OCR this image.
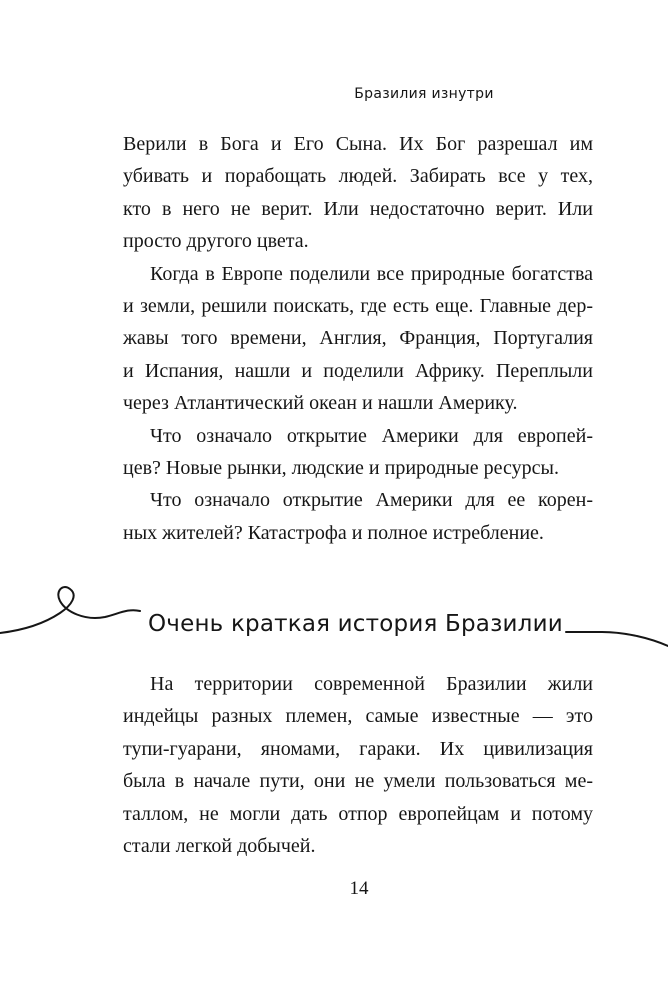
Бразилия изнутри

Верили в Бога и Его Сына. Их Бог разрешал им
убивать и порабощать людей. Забирать все у тех,
кто в него не верит. Или недостаточно верит. Или
просто другого цвета.

Когда в Европе поделили все природные богатства
и земли, решили поискать, где есть еще. Главные дер-
жавы того времени, Англия, Франция, Португалия
и Испания, нашли и поделили Африку. Переплыли
через Атлантический океан и нашли Америку.

Что означало открытие Америки для европей-
цев? Новые рынки, людские и природные ресурсы.

Что означало открытие Америки для ее корен-
ных жителей? Катастрофа и полное истребление.

Очень краткая история Бразилии

На территории современной Бразилии жили
индейцы разных племен, самые известные — это
тупи-гуарани, яномами, гараки. Их цивилизация
была в начале пути, они не умели пользоваться ме-
таллом, не могли дать отпор европейцам и потому
стали легкой добычей.

14
